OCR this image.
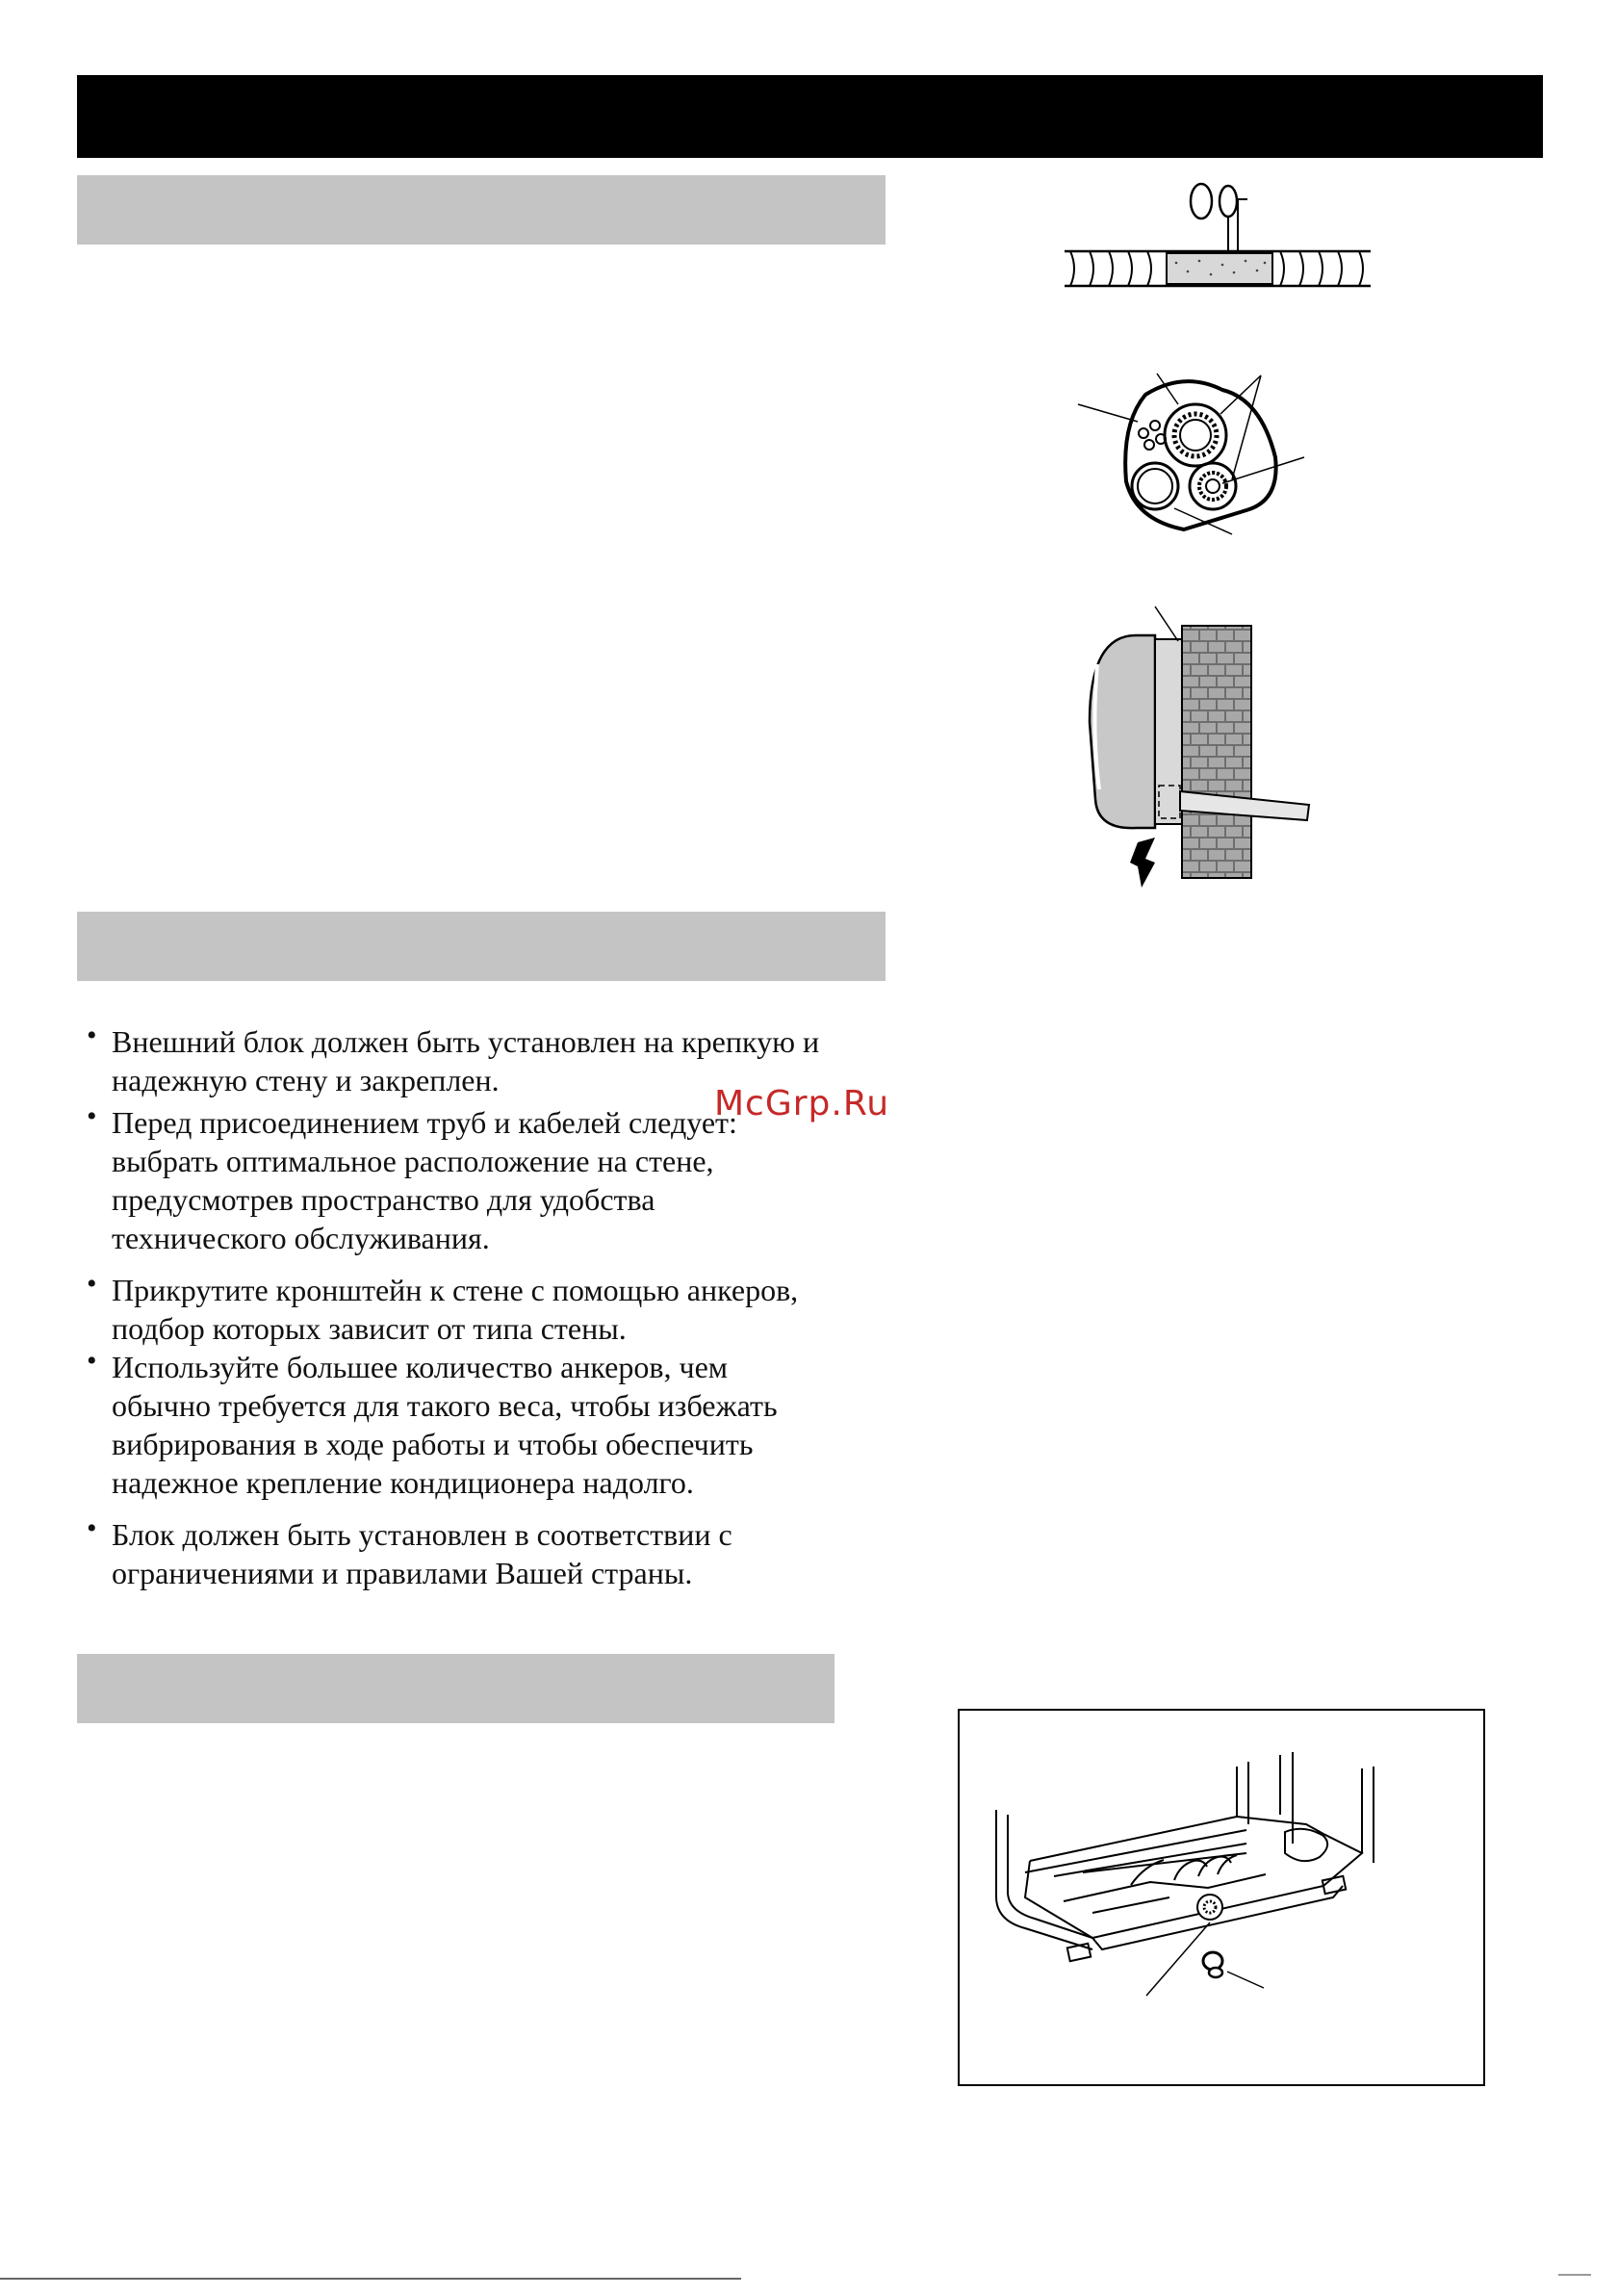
• Внешний блок должен быть установлен на крепкую и
надежную стену и закреплен.
• Перед присоединением труб и кабелей следует:
выбрать оптимальное расположение на стене,
предусмотрев пространство для удобства
технического обслуживания.
• Прикрутите кронштейн к стене с помощью анкеров,
подбор которых зависит от типа стены.
• Используйте большее количество анкеров, чем
обычно требуется для такого веса, чтобы избежать
вибрирования в ходе работы и чтобы обеспечить
надежное крепление кондиционера надолго.
• Блок должен быть установлен в соответствии с
ограничениями и правилами Вашей страны.
McGrp.Ru
